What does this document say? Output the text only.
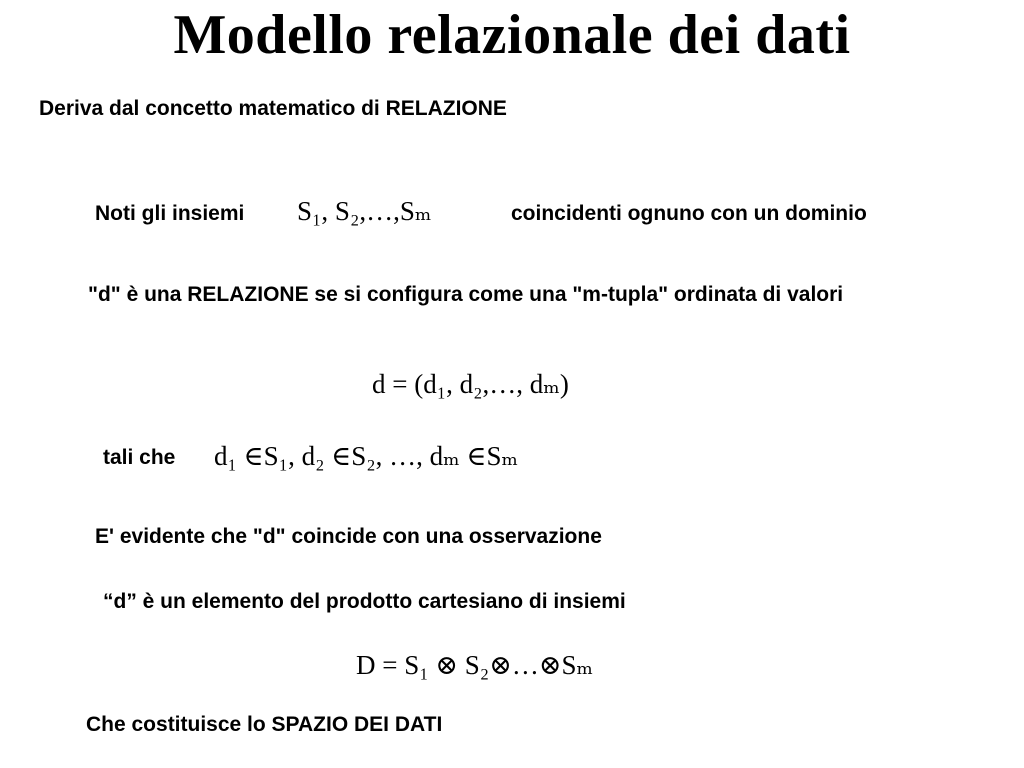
Modello relazionale dei dati
Deriva dal concetto matematico di RELAZIONE
Noti gli insiemi S₁, S₂,…,Sₘ	coincidenti ognuno con un dominio
"d" è una RELAZIONE se si configura come una "m-tupla" ordinata di valori
d = (d₁, d₂,…, dₘ)
tali che d₁ ∈S₁, d₂ ∈S₂, …, dₘ ∈Sₘ
E' evidente che "d" coincide con una osservazione
“d” è un elemento del prodotto cartesiano di insiemi
D = S₁ ⊗ S₂⊗…⊗Sₘ
Che costituisce lo SPAZIO DEI DATI
